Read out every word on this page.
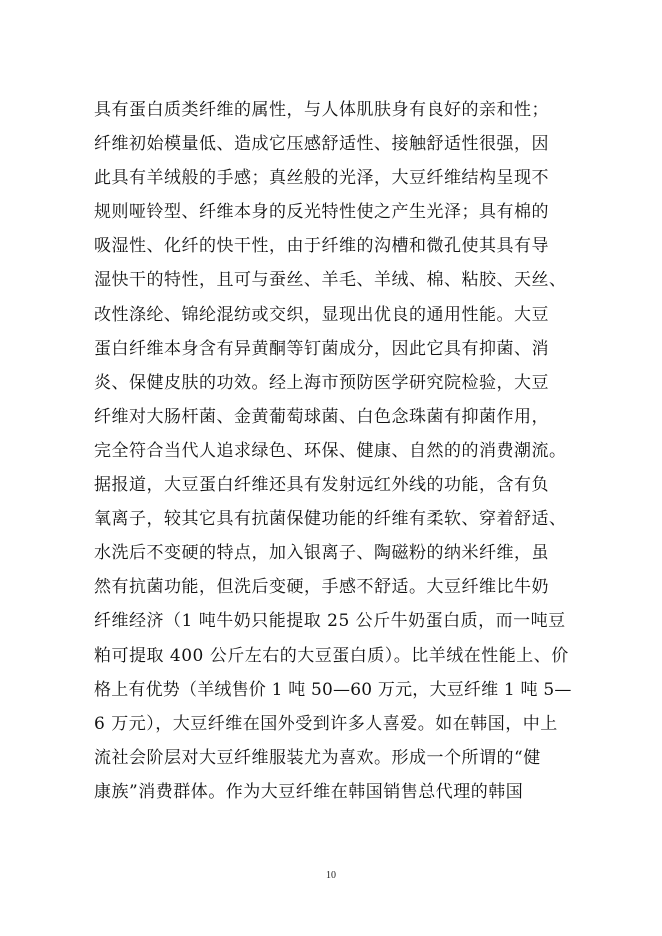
具有蛋白质类纤维的属性，与人体肌肤身有良好的亲和性；
纤维初始模量低、造成它压感舒适性、接触舒适性很强，因
此具有羊绒般的手感；真丝般的光泽，大豆纤维结构呈现不
规则哑铃型、纤维本身的反光特性使之产生光泽；具有棉的
吸湿性、化纤的快干性，由于纤维的沟槽和微孔使其具有导
湿快干的特性，且可与蚕丝、羊毛、羊绒、棉、粘胶、天丝、
改性涤纶、锦纶混纺或交织，显现出优良的通用性能。大豆
蛋白纤维本身含有异黄酮等钉菌成分，因此它具有抑菌、消
炎、保健皮肤的功效。经上海市预防医学研究院检验，大豆
纤维对大肠杆菌、金黄葡萄球菌、白色念珠菌有抑菌作用，
完全符合当代人追求绿色、环保、健康、自然的的消费潮流。
据报道，大豆蛋白纤维还具有发射远红外线的功能，含有负
氧离子，较其它具有抗菌保健功能的纤维有柔软、穿着舒适、
水洗后不变硬的特点，加入银离子、陶磁粉的纳米纤维，虽
然有抗菌功能，但洗后变硬，手感不舒适。大豆纤维比牛奶
纤维经济（1 吨牛奶只能提取 25 公斤牛奶蛋白质，而一吨豆
粕可提取 400 公斤左右的大豆蛋白质）。比羊绒在性能上、价
格上有优势（羊绒售价 1 吨 50—60 万元，大豆纤维 1 吨 5—
6 万元），大豆纤维在国外受到许多人喜爱。如在韩国，中上
流社会阶层对大豆纤维服装尤为喜欢。形成一个所谓的“健
康族”消费群体。作为大豆纤维在韩国销售总代理的韩国
10
